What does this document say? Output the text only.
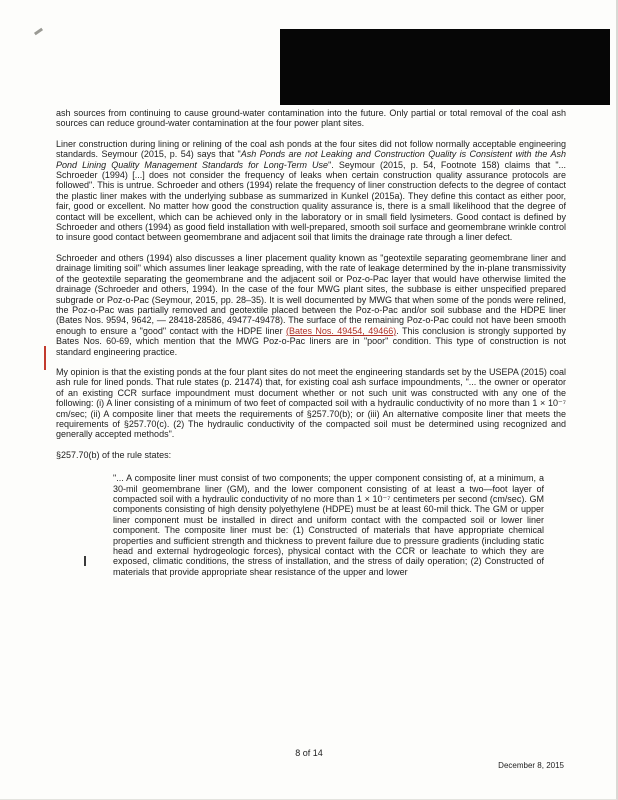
ash sources from continuing to cause ground-water contamination into the future. Only partial or total removal of the coal ash sources can reduce ground-water contamination at the four power plant sites.

Liner construction during lining or relining of the coal ash ponds at the four sites did not follow normally acceptable engineering standards. Seymour (2015, p. 54) says that "Ash Ponds are not Leaking and Construction Quality is Consistent with the Ash Pond Lining Quality Management Standards for Long-Term Use". Seymour (2015, p. 54, Footnote 158) claims that "... Schroeder (1994) [...] does not consider the frequency of leaks when certain construction quality assurance protocols are followed". This is untrue. Schroeder and others (1994) relate the frequency of liner construction defects to the degree of contact the plastic liner makes with the underlying subbase as summarized in Kunkel (2015a). They define this contact as either poor, fair, good or excellent. No matter how good the construction quality assurance is, there is a small likelihood that the degree of contact will be excellent, which can be achieved only in the laboratory or in small field lysimeters. Good contact is defined by Schroeder and others (1994) as good field installation with well-prepared, smooth soil surface and geomembrane wrinkle control to insure good contact between geomembrane and adjacent soil that limits the drainage rate through a liner defect.

Schroeder and others (1994) also discusses a liner placement quality known as "geotextile separating geomembrane liner and drainage limiting soil" which assumes liner leakage spreading, with the rate of leakage determined by the in-plane transmissivity of the geotextile separating the geomembrane and the adjacent soil or Poz-o-Pac layer that would have otherwise limited the drainage (Schroeder and others, 1994). In the case of the four MWG plant sites, the subbase is either unspecified prepared subgrade or Poz-o-Pac (Seymour, 2015, pp. 28–35). It is well documented by MWG that when some of the ponds were relined, the Poz-o-Pac was partially removed and geotextile placed between the Poz-o-Pac and/or soil subbase and the HDPE liner (Bates Nos. 9594, 9642, — 28418-28586, 49477-49478). The surface of the remaining Poz-o-Pac could not have been smooth enough to ensure a "good" contact with the HDPE liner (Bates Nos. 49454, 49466). This conclusion is strongly supported by Bates Nos. 60-69, which mention that the MWG Poz-o-Pac liners are in "poor" condition. This type of construction is not standard engineering practice.

My opinion is that the existing ponds at the four plant sites do not meet the engineering standards set by the USEPA (2015) coal ash rule for lined ponds. That rule states (p. 21474) that, for existing coal ash surface impoundments, "... the owner or operator of an existing CCR surface impoundment must document whether or not such unit was constructed with any one of the following: (i) A liner consisting of a minimum of two feet of compacted soil with a hydraulic conductivity of no more than 1 × 10⁻⁷ cm/sec; (ii) A composite liner that meets the requirements of §257.70(b); or (iii) An alternative composite liner that meets the requirements of §257.70(c). (2) The hydraulic conductivity of the compacted soil must be determined using recognized and generally accepted methods".

§257.70(b) of the rule states:

"... A composite liner must consist of two components; the upper component consisting of, at a minimum, a 30-mil geomembrane liner (GM), and the lower component consisting of at least a two—foot layer of compacted soil with a hydraulic conductivity of no more than 1 × 10⁻⁷ centimeters per second (cm/sec). GM components consisting of high density polyethylene (HDPE) must be at least 60-mil thick. The GM or upper liner component must be installed in direct and uniform contact with the compacted soil or lower liner component. The composite liner must be: (1) Constructed of materials that have appropriate chemical properties and sufficient strength and thickness to prevent failure due to pressure gradients (including static head and external hydrogeologic forces), physical contact with the CCR or leachate to which they are exposed, climatic conditions, the stress of installation, and the stress of daily operation; (2) Constructed of materials that provide appropriate shear resistance of the upper and lower
8 of 14
December 8, 2015
